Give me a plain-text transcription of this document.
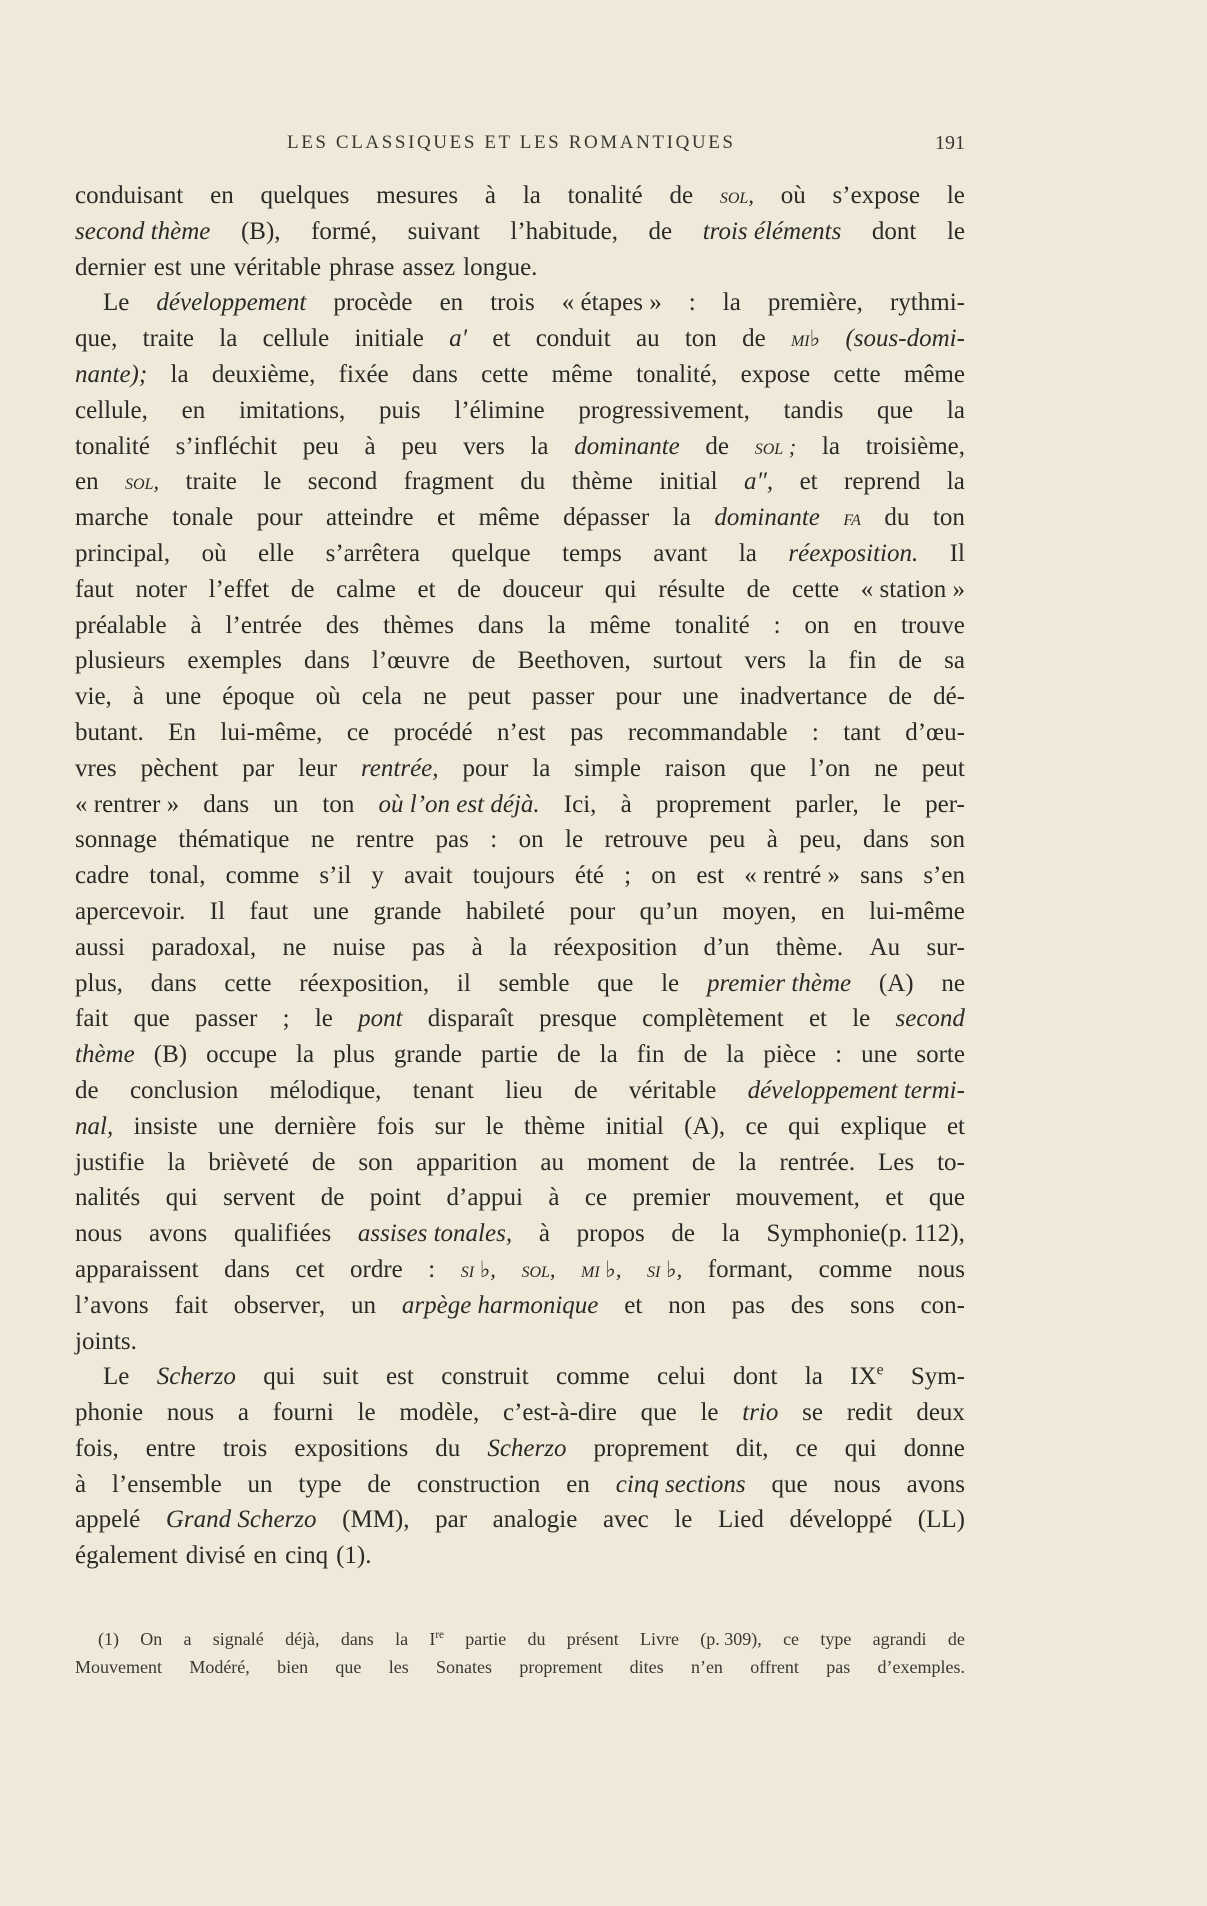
LES CLASSIQUES ET LES ROMANTIQUES	191
conduisant en quelques mesures à la tonalité de sol, où s’expose le
second thème (B), formé, suivant l’habitude, de trois éléments dont le
dernier est une véritable phrase assez longue.
Le développement procède en trois « étapes » : la première, rythmi-
que, traite la cellule initiale a′ et conduit au ton de mi♭ (sous-domi-
nante); la deuxième, fixée dans cette même tonalité, expose cette même
cellule, en imitations, puis l’élimine progressivement, tandis que la
tonalité s’infléchit peu à peu vers la dominante de sol ; la troisième,
en sol, traite le second fragment du thème initial a″, et reprend la
marche tonale pour atteindre et même dépasser la dominante fa du ton
principal, où elle s’arrêtera quelque temps avant la réexposition. Il
faut noter l’effet de calme et de douceur qui résulte de cette « station »
préalable à l’entrée des thèmes dans la même tonalité : on en trouve
plusieurs exemples dans l’œuvre de Beethoven, surtout vers la fin de sa
vie, à une époque où cela ne peut passer pour une inadvertance de dé-
butant. En lui-même, ce procédé n’est pas recommandable : tant d’œu-
vres pèchent par leur rentrée, pour la simple raison que l’on ne peut
« rentrer » dans un ton où l’on est déjà. Ici, à proprement parler, le per-
sonnage thématique ne rentre pas : on le retrouve peu à peu, dans son
cadre tonal, comme s’il y avait toujours été ; on est « rentré » sans s’en
apercevoir. Il faut une grande habileté pour qu’un moyen, en lui-même
aussi paradoxal, ne nuise pas à la réexposition d’un thème. Au sur-
plus, dans cette réexposition, il semble que le premier thème (A) ne
fait que passer ; le pont disparaît presque complètement et le second
thème (B) occupe la plus grande partie de la fin de la pièce : une sorte
de conclusion mélodique, tenant lieu de véritable développement termi-
nal, insiste une dernière fois sur le thème initial (A), ce qui explique et
justifie la brièveté de son apparition au moment de la rentrée. Les to-
nalités qui servent de point d’appui à ce premier mouvement, et que
nous avons qualifiées assises tonales, à propos de la Symphonie(p. 112),
apparaissent dans cet ordre : si ♭, sol, mi ♭, si ♭, formant, comme nous
l’avons fait observer, un arpège harmonique et non pas des sons con-
joints.
Le Scherzo qui suit est construit comme celui dont la IXe Sym-
phonie nous a fourni le modèle, c’est-à-dire que le trio se redit deux
fois, entre trois expositions du Scherzo proprement dit, ce qui donne
à l’ensemble un type de construction en cinq sections que nous avons
appelé Grand Scherzo (MM), par analogie avec le Lied développé (LL)
également divisé en cinq (1).
(1) On a signalé déjà, dans la Ire partie du présent Livre (p. 309), ce type agrandi de
Mouvement Modéré, bien que les Sonates proprement dites n’en offrent pas d’exemples.
